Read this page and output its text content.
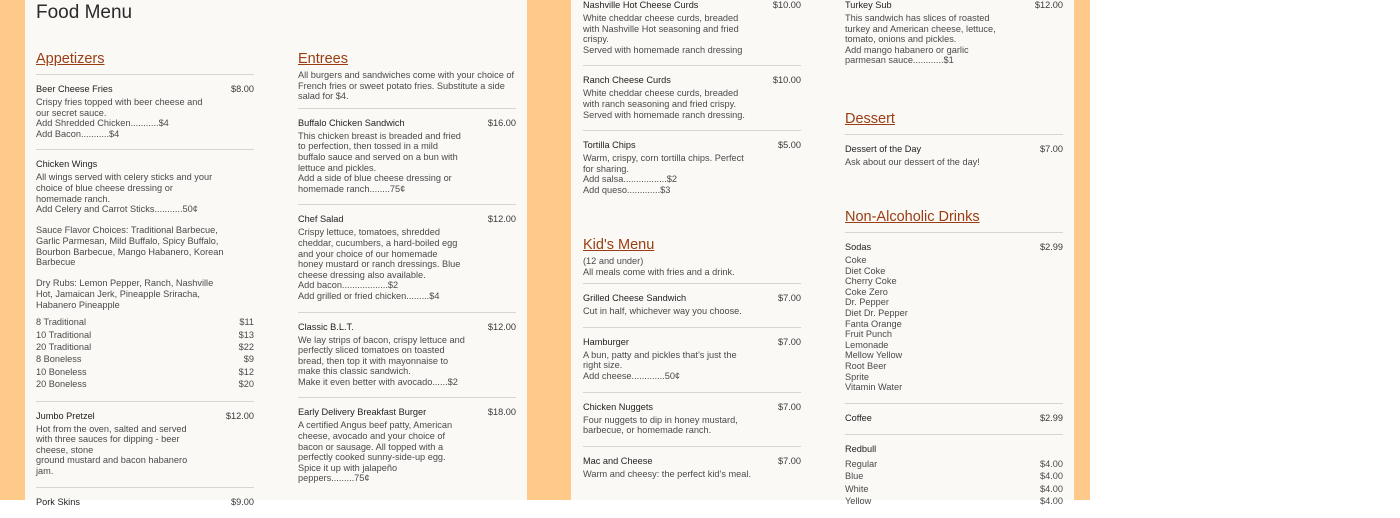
Food Menu
Appetizers
Beer Cheese Fries	$8.00
Crispy fries topped with beer cheese and
our secret sauce.
Add Shredded Chicken...........$4
Add Bacon...........$4
Chicken Wings
All wings served with celery sticks and your
choice of blue cheese dressing or
homemade ranch.
Add Celery and Carrot Sticks...........50¢

Sauce Flavor Choices: Traditional Barbecue,
Garlic Parmesan, Mild Buffalo, Spicy Buffalo,
Bourbon Barbecue, Mango Habanero, Korean
Barbecue

Dry Rubs: Lemon Pepper, Ranch, Nashville
Hot, Jamaican Jerk, Pineapple Sriracha,
Habanero Pineapple
8 Traditional	$11
10 Traditional	$13
20 Traditional	$22
8 Boneless	$9
10 Boneless	$12
20 Boneless	$20
Jumbo Pretzel	$12.00
Hot from the oven, salted and served
with three sauces for dipping - beer
cheese, stone
ground mustard and bacon habanero
jam.
Pork Skins	$9.00
Entrees
All burgers and sandwiches come with your choice of
French fries or sweet potato fries. Substitute a side
salad for $4.
Buffalo Chicken Sandwich	$16.00
This chicken breast is breaded and fried
to perfection, then tossed in a mild
buffalo sauce and served on a bun with
lettuce and pickles.
Add a side of blue cheese dressing or
homemade ranch........75¢
Chef Salad	$12.00
Crispy lettuce, tomatoes, shredded
cheddar, cucumbers, a hard-boiled egg
and your choice of our homemade
honey mustard or ranch dressings. Blue
cheese dressing also available.
Add bacon..................$2
Add grilled or fried chicken.........$4
Classic B.L.T.	$12.00
We lay strips of bacon, crispy lettuce and
perfectly sliced tomatoes on toasted
bread, then top it with mayonnaise to
make this classic sandwich.
Make it even better with avocado......$2
Early Delivery Breakfast Burger	$18.00
A certified Angus beef patty, American
cheese, avocado and your choice of
bacon or sausage. All topped with a
perfectly cooked sunny-side-up egg.
Spice it up with jalapeño
peppers.........75¢
Nashville Hot Cheese Curds	$10.00
White cheddar cheese curds, breaded
with Nashville Hot seasoning and fried
crispy.
Served with homemade ranch dressing
Ranch Cheese Curds	$10.00
White cheddar cheese curds, breaded
with ranch seasoning and fried crispy.
Served with homemade ranch dressing.
Tortilla Chips	$5.00
Warm, crispy, corn tortilla chips. Perfect
for sharing.
Add salsa.................$2
Add queso.............$3
Kid's Menu
(12 and under)
All meals come with fries and a drink.
Grilled Cheese Sandwich	$7.00
Cut in half, whichever way you choose.
Hamburger	$7.00
A bun, patty and pickles that’s just the
right size.
Add cheese.............50¢
Chicken Nuggets	$7.00
Four nuggets to dip in honey mustard,
barbecue, or homemade ranch.
Mac and Cheese	$7.00
Warm and cheesy: the perfect kid’s meal.
Turkey Sub	$12.00
This sandwich has slices of roasted
turkey and American cheese, lettuce,
tomato, onions and pickles.
Add mango habanero or garlic
parmesan sauce............$1
Dessert
Dessert of the Day	$7.00
Ask about our dessert of the day!
Non-Alcoholic Drinks
Sodas	$2.99
Coke
Diet Coke
Cherry Coke
Coke Zero
Dr. Pepper
Diet Dr. Pepper
Fanta Orange
Fruit Punch
Lemonade
Mellow Yellow
Root Beer
Sprite
Vitamin Water
Coffee	$2.99
Redbull
Regular	$4.00
Blue	$4.00
White	$4.00
Yellow	$4.00
